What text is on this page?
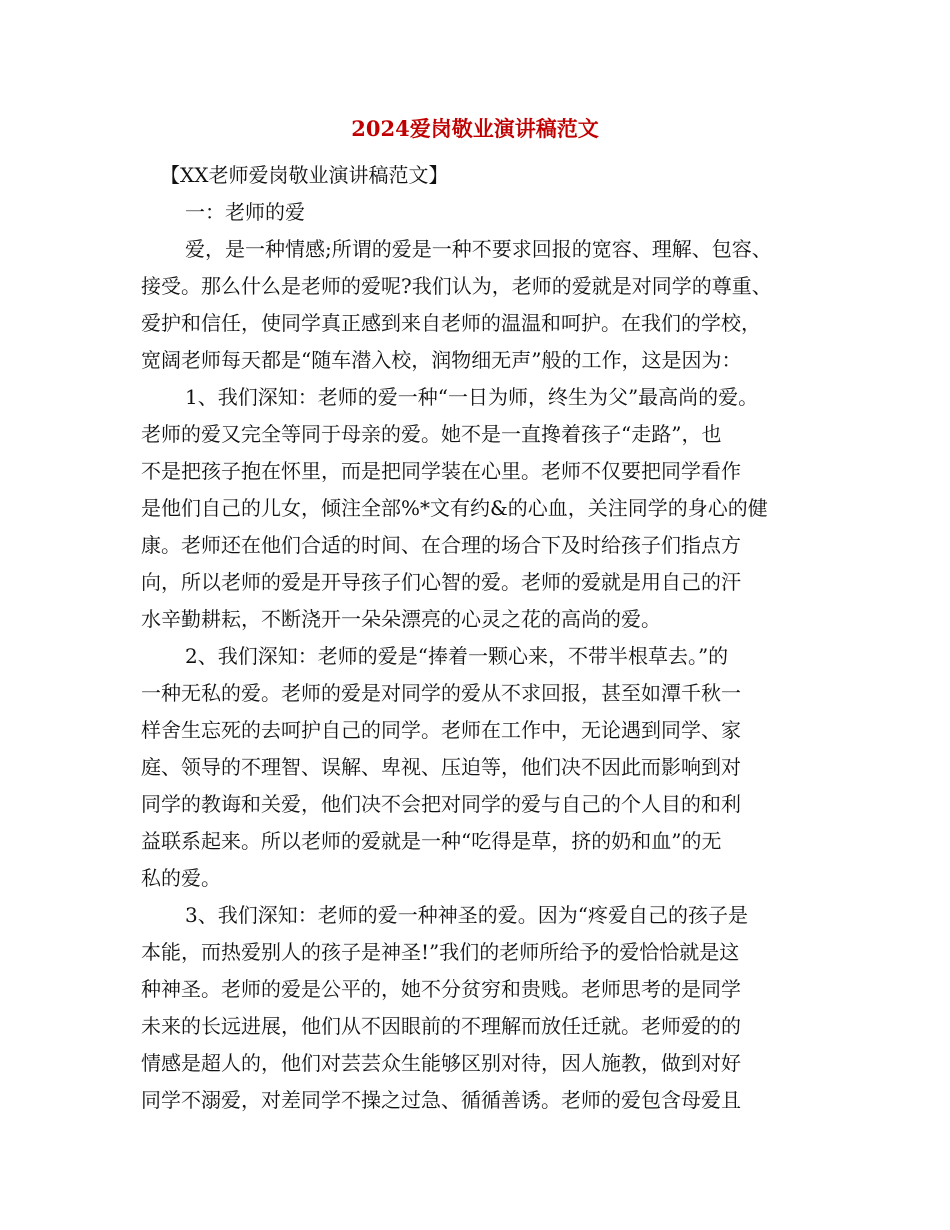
2024爱岗敬业演讲稿范文
【XX老师爱岗敬业演讲稿范文】
一：老师的爱
爱，是一种情感;所谓的爱是一种不要求回报的宽容、理解、包容、
接受。那么什么是老师的爱呢?我们认为，老师的爱就是对同学的尊重、
爱护和信任，使同学真正感到来自老师的温温和呵护。在我们的学校，
宽阔老师每天都是“随车潜入校，润物细无声”般的工作，这是因为：
1、我们深知：老师的爱一种“一日为师，终生为父”最高尚的爱。
老师的爱又完全等同于母亲的爱。她不是一直搀着孩子“走路”，也
不是把孩子抱在怀里，而是把同学装在心里。老师不仅要把同学看作
是他们自己的儿女，倾注全部%*文有约&的心血，关注同学的身心的健
康。老师还在他们合适的时间、在合理的场合下及时给孩子们指点方
向，所以老师的爱是开导孩子们心智的爱。老师的爱就是用自己的汗
水辛勤耕耘，不断浇开一朵朵漂亮的心灵之花的高尚的爱。
2、我们深知：老师的爱是“捧着一颗心来，不带半根草去。”的
一种无私的爱。老师的爱是对同学的爱从不求回报，甚至如潭千秋一
样舍生忘死的去呵护自己的同学。老师在工作中，无论遇到同学、家
庭、领导的不理智、误解、卑视、压迫等，他们决不因此而影响到对
同学的教诲和关爱，他们决不会把对同学的爱与自己的个人目的和利
益联系起来。所以老师的爱就是一种“吃得是草，挤的奶和血”的无
私的爱。
3、我们深知：老师的爱一种神圣的爱。因为“疼爱自己的孩子是
本能，而热爱别人的孩子是神圣!”我们的老师所给予的爱恰恰就是这
种神圣。老师的爱是公平的，她不分贫穷和贵贱。老师思考的是同学
未来的长远进展，他们从不因眼前的不理解而放任迁就。老师爱的的
情感是超人的，他们对芸芸众生能够区别对待，因人施教，做到对好
同学不溺爱，对差同学不操之过急、循循善诱。老师的爱包含母爱且
